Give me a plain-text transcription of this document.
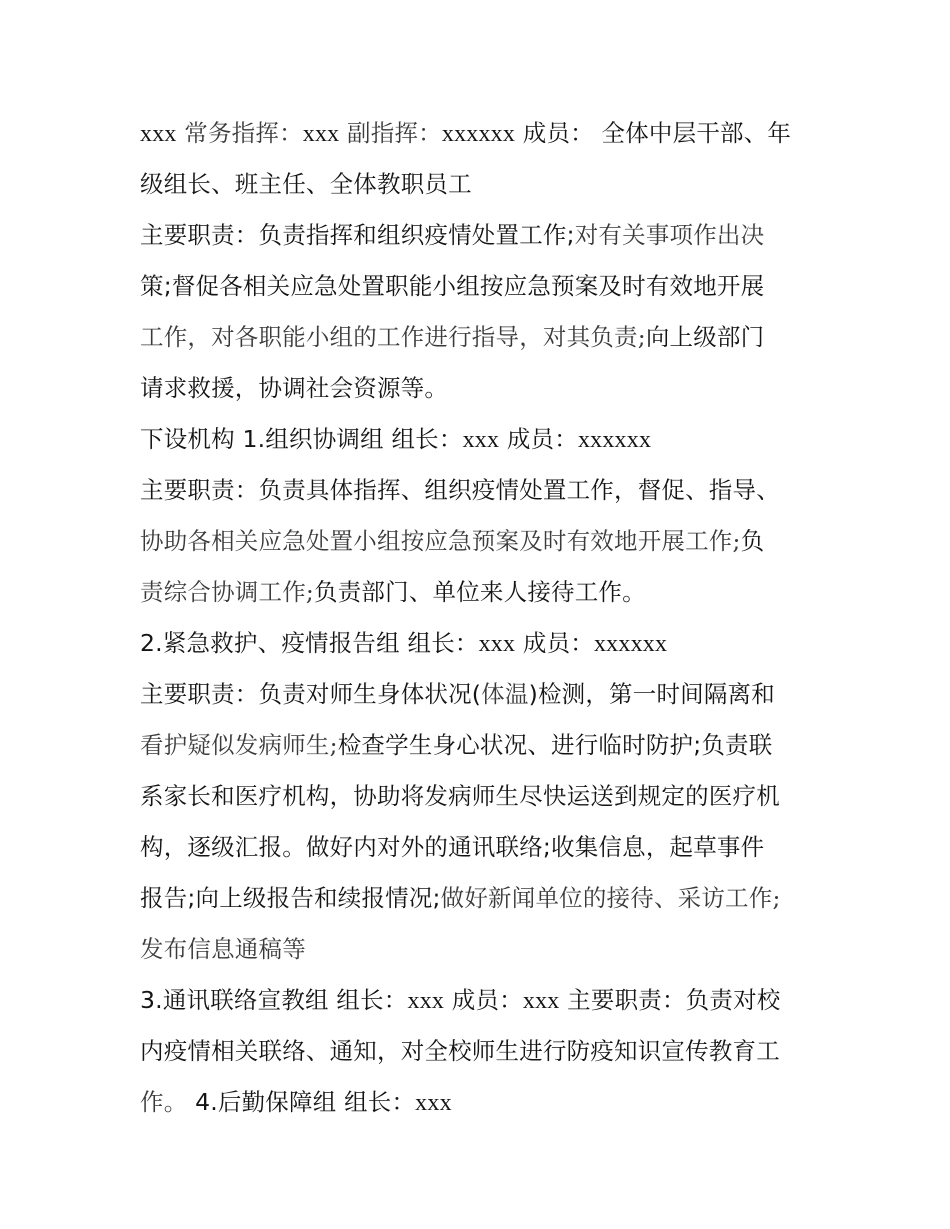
xxx 常务指挥：xxx 副指挥：xxxxxx 成员： 全体中层干部、年
级组长、班主任、全体教职员工
主要职责：负责指挥和组织疫情处置工作;对有关事项作出决
策;督促各相关应急处置职能小组按应急预案及时有效地开展
工作，对各职能小组的工作进行指导，对其负责;向上级部门
请求救援，协调社会资源等。
下设机构 1.组织协调组 组长：xxx 成员：xxxxxx
主要职责：负责具体指挥、组织疫情处置工作，督促、指导、
协助各相关应急处置小组按应急预案及时有效地开展工作;负
责综合协调工作;负责部门、单位来人接待工作。
2.紧急救护、疫情报告组 组长：xxx 成员：xxxxxx
主要职责：负责对师生身体状况(体温)检测，第一时间隔离和
看护疑似发病师生;检查学生身心状况、进行临时防护;负责联
系家长和医疗机构，协助将发病师生尽快运送到规定的医疗机
构，逐级汇报。做好内对外的通讯联络;收集信息，起草事件
报告;向上级报告和续报情况;做好新闻单位的接待、采访工作;
发布信息通稿等
3.通讯联络宣教组 组长：xxx 成员：xxx 主要职责：负责对校
内疫情相关联络、通知，对全校师生进行防疫知识宣传教育工
作。 4.后勤保障组 组长：xxx
